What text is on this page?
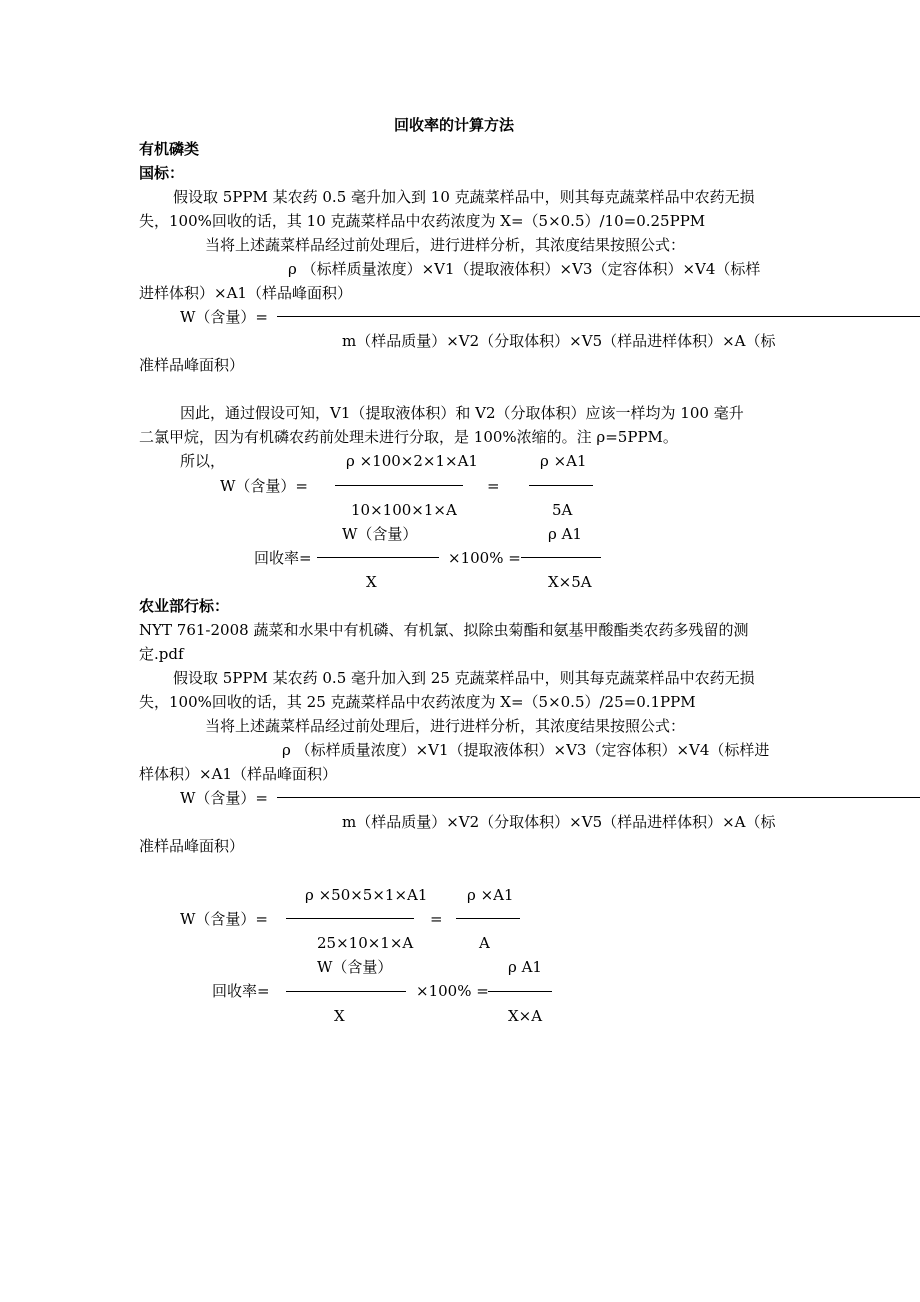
回收率的计算方法
有机磷类
国标：
假设取 5PPM 某农药 0.5 毫升加入到 10 克蔬菜样品中，则其每克蔬菜样品中农药无损
失，100%回收的话，其 10 克蔬菜样品中农药浓度为 X=（5×0.5）/10=0.25PPM
当将上述蔬菜样品经过前处理后，进行进样分析，其浓度结果按照公式：
ρ （标样质量浓度）×V1（提取液体积）×V3（定容体积）×V4（标样
进样体积）×A1（样品峰面积）
W（含量）=
m（样品质量）×V2（分取体积）×V5（样品进样体积）×A（标
准样品峰面积）
因此，通过假设可知，V1（提取液体积）和 V2（分取体积）应该一样均为 100 毫升
二氯甲烷，因为有机磷农药前处理未进行分取，是 100%浓缩的。注 ρ=5PPM。
所以，	ρ ×100×2×1×A1	ρ ×A1
W（含量）=	=
10×100×1×A	5A
W（含量）	ρ A1
回收率=	×100% =
X	X×5A
农业部行标：
NYT 761-2008 蔬菜和水果中有机磷、有机氯、拟除虫菊酯和氨基甲酸酯类农药多残留的测
定.pdf
假设取 5PPM 某农药 0.5 毫升加入到 25 克蔬菜样品中，则其每克蔬菜样品中农药无损
失，100%回收的话，其 25 克蔬菜样品中农药浓度为 X=（5×0.5）/25=0.1PPM
当将上述蔬菜样品经过前处理后，进行进样分析，其浓度结果按照公式：
ρ （标样质量浓度）×V1（提取液体积）×V3（定容体积）×V4（标样进
样体积）×A1（样品峰面积）
W（含量）=
m（样品质量）×V2（分取体积）×V5（样品进样体积）×A（标
准样品峰面积）
ρ ×50×5×1×A1	ρ ×A1
W（含量）=	=
25×10×1×A	A
W（含量）	ρ A1
回收率=	×100% =
X	X×A
